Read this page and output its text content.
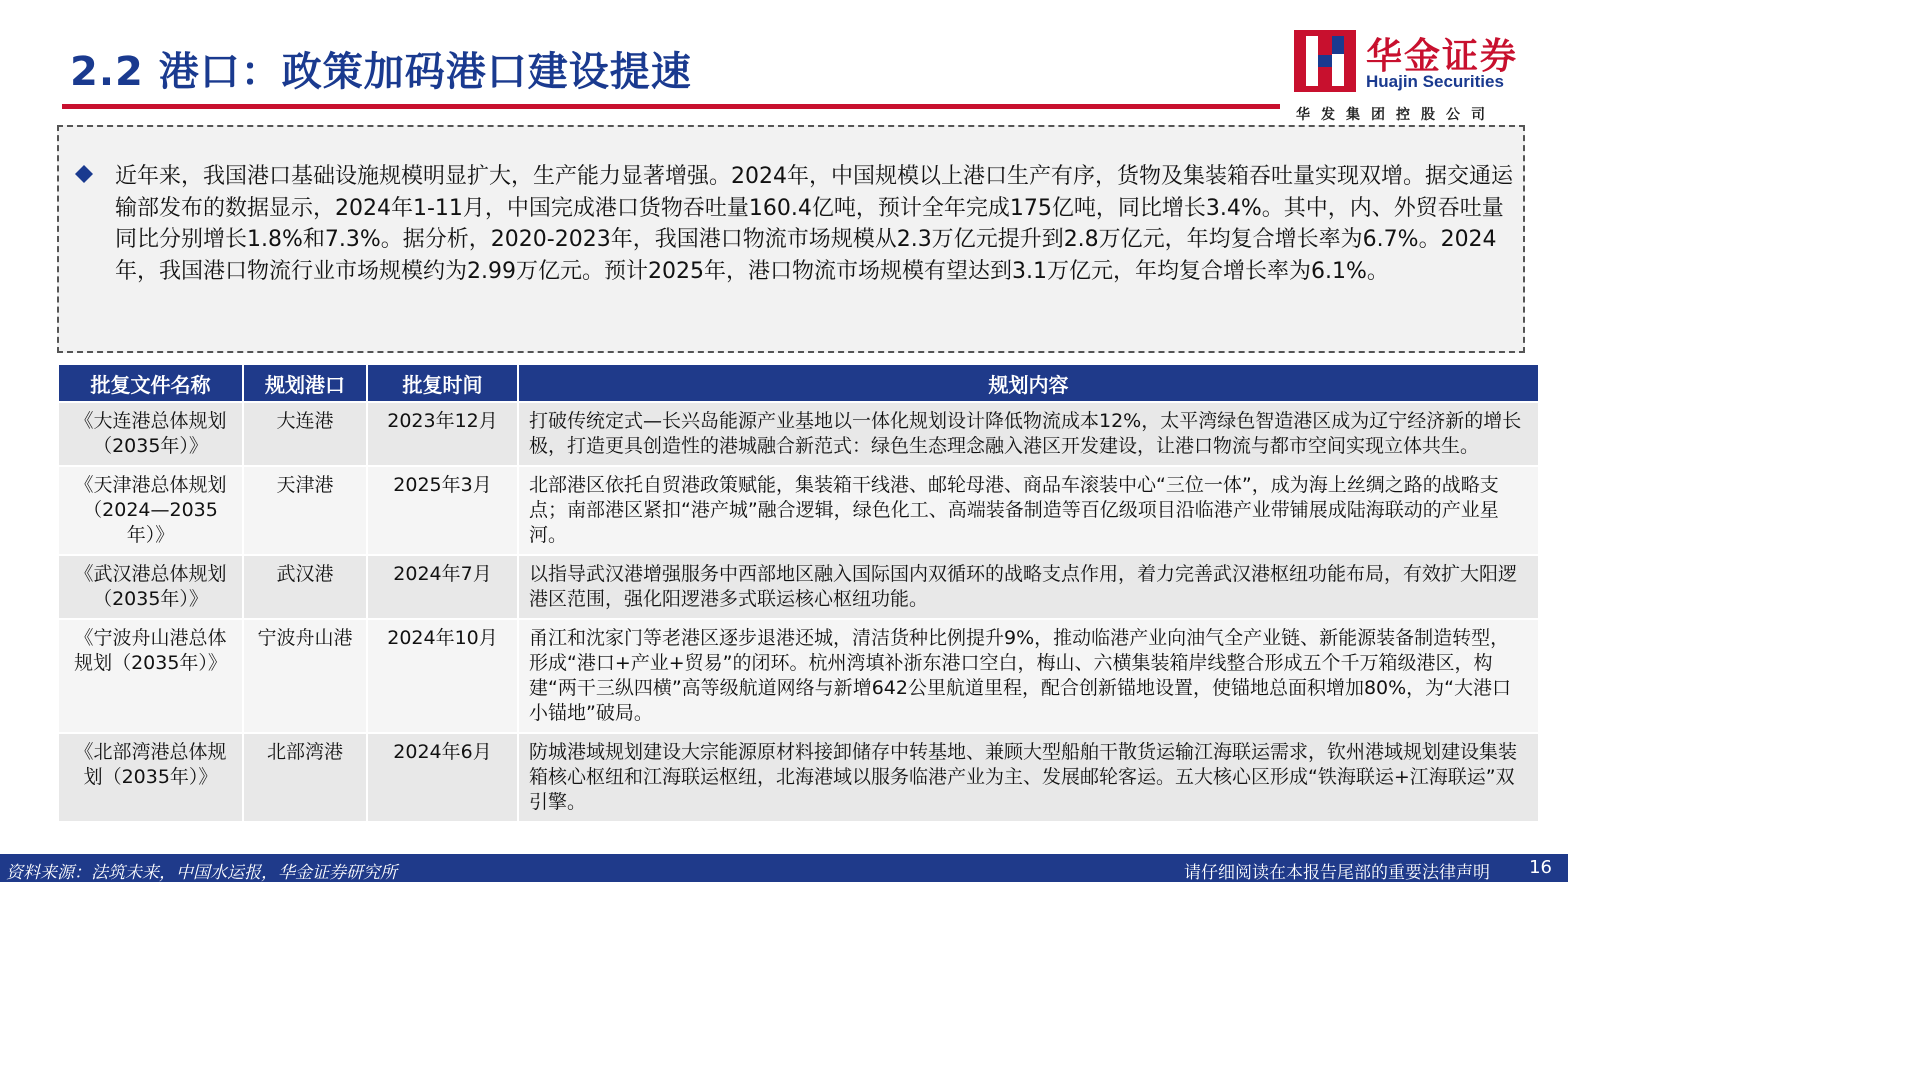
2.2 港口：政策加码港口建设提速	华金证券
Huajin Securities
华发集团控股公司

近年来，我国港口基础设施规模明显扩大，生产能力显著增强。2024年，中国规模以上港口生产有序，货物及集装箱吞吐量实现双增。据交通运输部发布的数据显示，2024年1-11月，中国完成港口货物吞吐量160.4亿吨，预计全年完成175亿吨，同比增长3.4%。其中，内、外贸吞吐量同比分别增长1.8%和7.3%。据分析，2020-2023年，我国港口物流市场规模从2.3万亿元提升到2.8万亿元，年均复合增长率为6.7%。2024年，我国港口物流行业市场规模约为2.99万亿元。预计2025年，港口物流市场规模有望达到3.1万亿元，年均复合增长率为6.1%。

批复文件名称	规划港口	批复时间	规划内容
《大连港总体规划（2035年）》	大连港	2023年12月	打破传统定式—长兴岛能源产业基地以一体化规划设计降低物流成本12%，太平湾绿色智造港区成为辽宁经济新的增长极，打造更具创造性的港城融合新范式：绿色生态理念融入港区开发建设，让港口物流与都市空间实现立体共生。
《天津港总体规划（2024—2035年）》	天津港	2025年3月	北部港区依托自贸港政策赋能，集装箱干线港、邮轮母港、商品车滚装中心“三位一体”，成为海上丝绸之路的战略支点；南部港区紧扣“港产城”融合逻辑，绿色化工、高端装备制造等百亿级项目沿临港产业带铺展成陆海联动的产业星河。
《武汉港总体规划（2035年）》	武汉港	2024年7月	以指导武汉港增强服务中西部地区融入国际国内双循环的战略支点作用，着力完善武汉港枢纽功能布局，有效扩大阳逻港区范围，强化阳逻港多式联运核心枢纽功能。
《宁波舟山港总体规划（2035年）》	宁波舟山港	2024年10月	甬江和沈家门等老港区逐步退港还城，清洁货种比例提升9%，推动临港产业向油气全产业链、新能源装备制造转型，形成“港口+产业+贸易”的闭环。杭州湾填补浙东港口空白，梅山、六横集装箱岸线整合形成五个千万箱级港区，构建“两干三纵四横”高等级航道网络与新增642公里航道里程，配合创新锚地设置，使锚地总面积增加80%，为“大港口小锚地”破局。
《北部湾港总体规划（2035年）》	北部湾港	2024年6月	防城港域规划建设大宗能源原材料接卸储存中转基地、兼顾大型船舶干散货运输江海联运需求，钦州港域规划建设集装箱核心枢纽和江海联运枢纽，北海港域以服务临港产业为主、发展邮轮客运。五大核心区形成“铁海联运+江海联运”双引擎。
资料来源：法筑未来，中国水运报，华金证券研究所	请仔细阅读在本报告尾部的重要法律声明 16
